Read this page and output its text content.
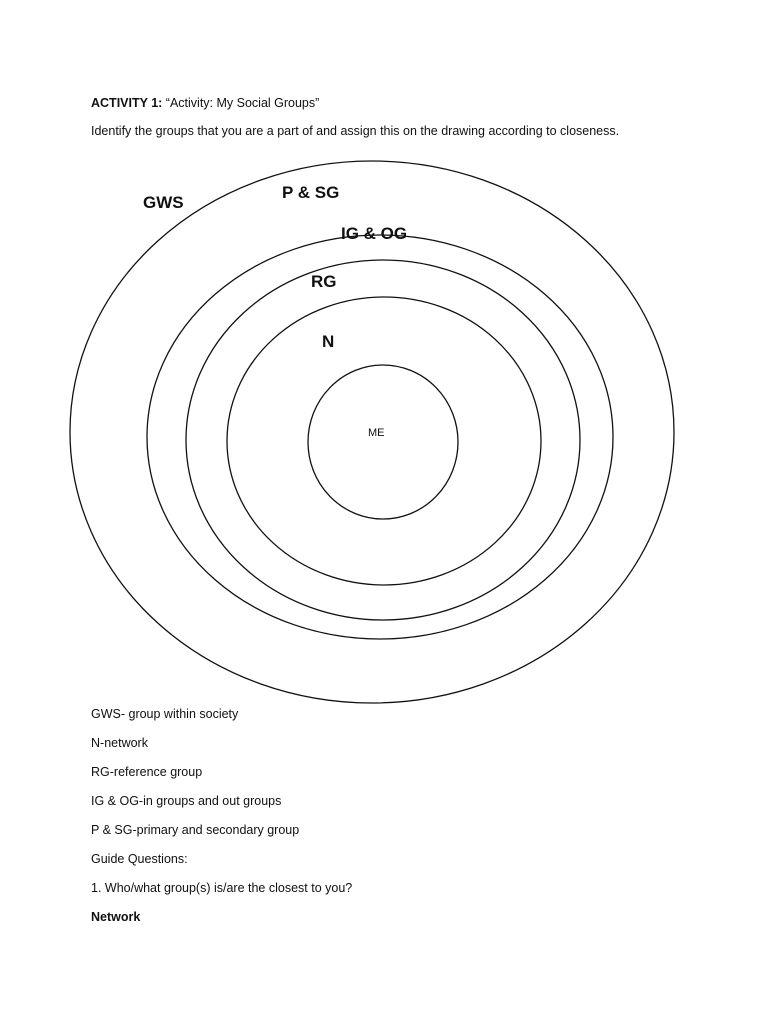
ACTIVITY 1: “Activity: My Social Groups”
Identify the groups that you are a part of and assign this on the drawing according to closeness.
GWS
P & SG
IG & OG
RG
N
ME
GWS- group within society
N-network
RG-reference group
IG & OG-in groups and out groups
P & SG-primary and secondary group
Guide Questions:
1. Who/what group(s) is/are the closest to you?
Network
